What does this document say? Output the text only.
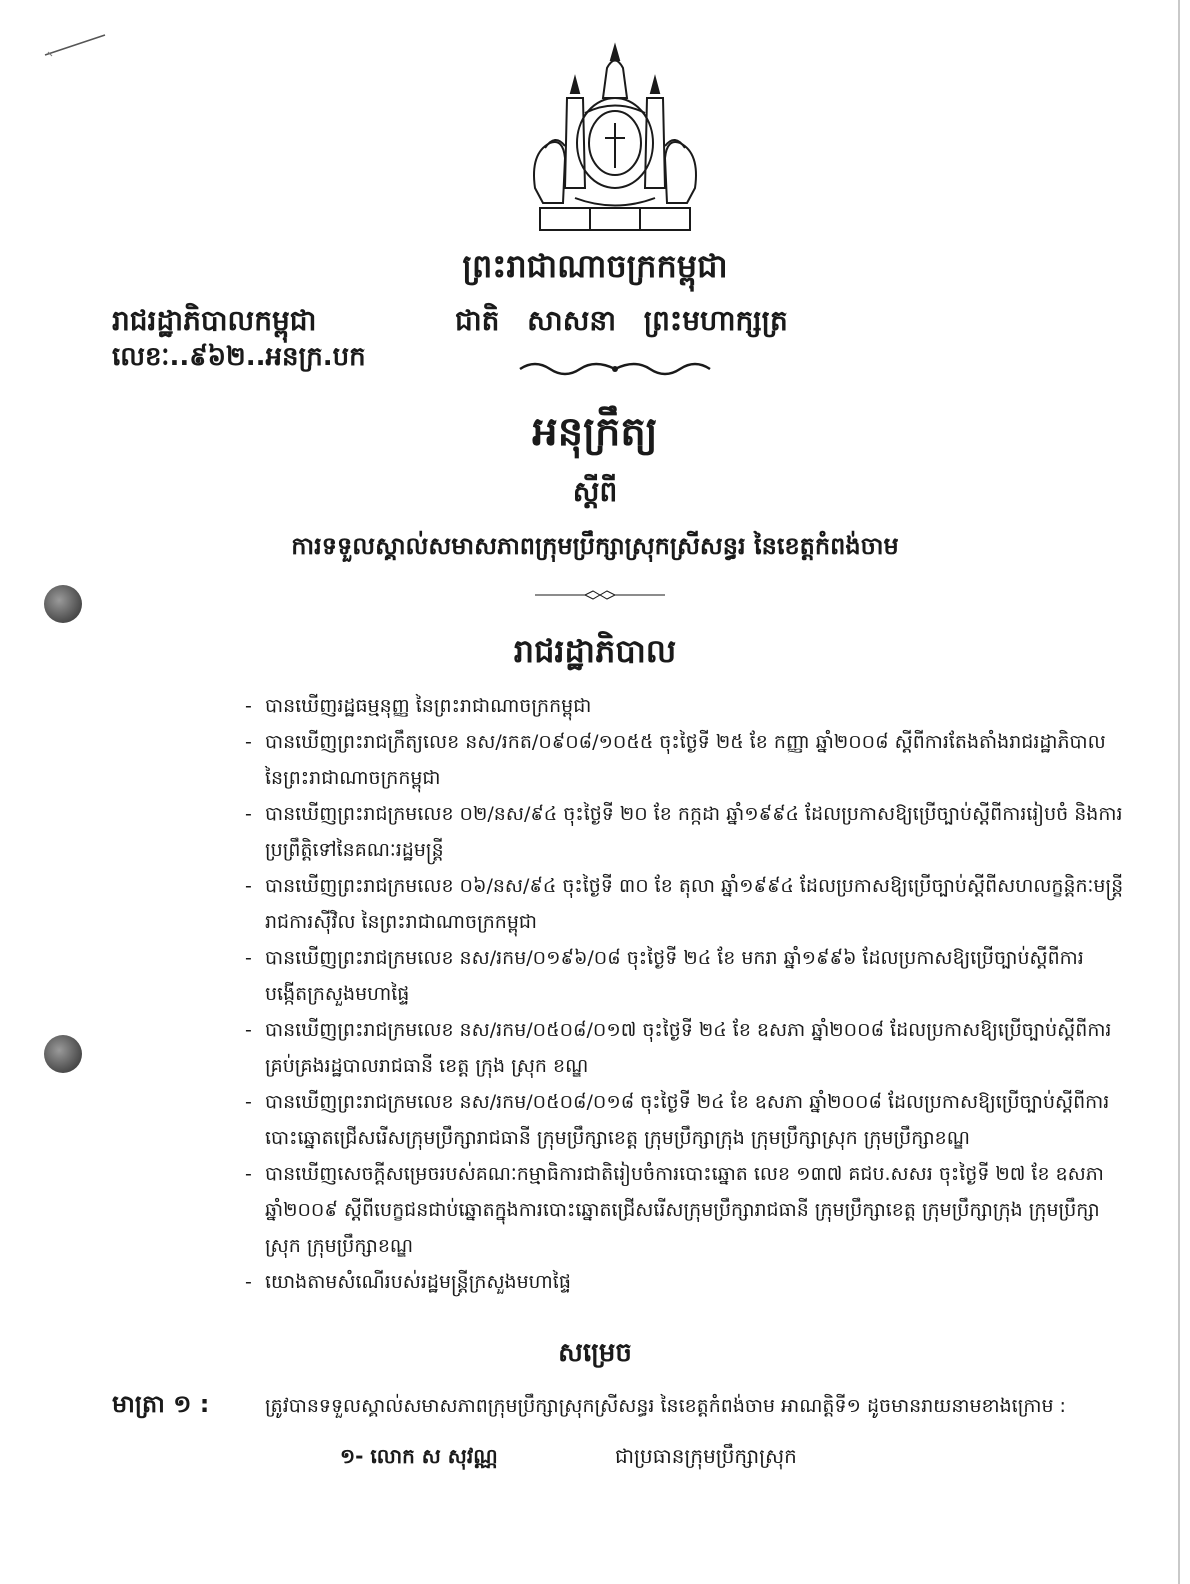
ព្រះរាជាណាចក្រកម្ពុជា
រាជរដ្ឋាភិបាលកម្ពុជា	ជាតិ សាសនា ព្រះមហាក្សត្រ
លេខៈ..៩៦២..អនក្រ.បក
អនុក្រឹត្យ
ស្តីពី
ការទទួលស្គាល់សមាសភាពក្រុមប្រឹក្សាស្រុកស្រីសន្ធរ នៃខេត្តកំពង់ចាម
រាជរដ្ឋាភិបាល
- បានឃើញរដ្ឋធម្មនុញ្ញ នៃព្រះរាជាណាចក្រកម្ពុជា
- បានឃើញព្រះរាជក្រឹត្យលេខ នស/រកត/០៩០៨/១០៥៥ ចុះថ្ងៃទី ២៥ ខែ កញ្ញា ឆ្នាំ២០០៨ ស្តីពីការតែងតាំងរាជរដ្ឋាភិបាល នៃព្រះរាជាណាចក្រកម្ពុជា
- បានឃើញព្រះរាជក្រមលេខ ០២/នស/៩៤ ចុះថ្ងៃទី ២០ ខែ កក្កដា ឆ្នាំ១៩៩៤ ដែលប្រកាសឱ្យប្រើច្បាប់ស្តីពីការរៀបចំ និងការប្រព្រឹត្តិទៅនៃគណៈរដ្ឋមន្ត្រី
- បានឃើញព្រះរាជក្រមលេខ ០៦/នស/៩៤ ចុះថ្ងៃទី ៣០ ខែ តុលា ឆ្នាំ១៩៩៤ ដែលប្រកាសឱ្យប្រើច្បាប់ស្តីពីសហលក្ខន្តិកៈមន្ត្រីរាជការស៊ីវិល នៃព្រះរាជាណាចក្រកម្ពុជា
- បានឃើញព្រះរាជក្រមលេខ នស/រកម/០១៩៦/០៨ ចុះថ្ងៃទី ២៤ ខែ មករា ឆ្នាំ១៩៩៦ ដែលប្រកាសឱ្យប្រើច្បាប់ស្តីពីការបង្កើតក្រសួងមហាផ្ទៃ
- បានឃើញព្រះរាជក្រមលេខ នស/រកម/០៥០៨/០១៧ ចុះថ្ងៃទី ២៤ ខែ ឧសភា ឆ្នាំ២០០៨ ដែលប្រកាសឱ្យប្រើច្បាប់ស្តីពីការគ្រប់គ្រងរដ្ឋបាលរាជធានី ខេត្ត ក្រុង ស្រុក ខណ្ឌ
- បានឃើញព្រះរាជក្រមលេខ នស/រកម/០៥០៨/០១៨ ចុះថ្ងៃទី ២៤ ខែ ឧសភា ឆ្នាំ២០០៨ ដែលប្រកាសឱ្យប្រើច្បាប់ស្តីពីការបោះឆ្នោតជ្រើសរើសក្រុមប្រឹក្សារាជធានី ក្រុមប្រឹក្សាខេត្ត ក្រុមប្រឹក្សាក្រុង ក្រុមប្រឹក្សាស្រុក ក្រុមប្រឹក្សាខណ្ឌ
- បានឃើញសេចក្តីសម្រេចរបស់គណៈកម្មាធិការជាតិរៀបចំការបោះឆ្នោត លេខ ១៣៧ គជប.សសរ ចុះថ្ងៃទី ២៧ ខែ ឧសភា ឆ្នាំ២០០៩ ស្តីពីបេក្ខជនជាប់ឆ្នោតក្នុងការបោះឆ្នោតជ្រើសរើសក្រុមប្រឹក្សារាជធានី ក្រុមប្រឹក្សាខេត្ត ក្រុមប្រឹក្សាក្រុង ក្រុមប្រឹក្សាស្រុក ក្រុមប្រឹក្សាខណ្ឌ
- យោងតាមសំណើរបស់រដ្ឋមន្ត្រីក្រសួងមហាផ្ទៃ
សម្រេច
មាត្រា ១ :	ត្រូវបានទទួលស្គាល់សមាសភាពក្រុមប្រឹក្សាស្រុកស្រីសន្ធរ នៃខេត្តកំពង់ចាម អាណត្តិទី១ ដូចមានរាយនាមខាងក្រោម :
១- លោក ស សុវណ្ណ	ជាប្រធានក្រុមប្រឹក្សាស្រុក
